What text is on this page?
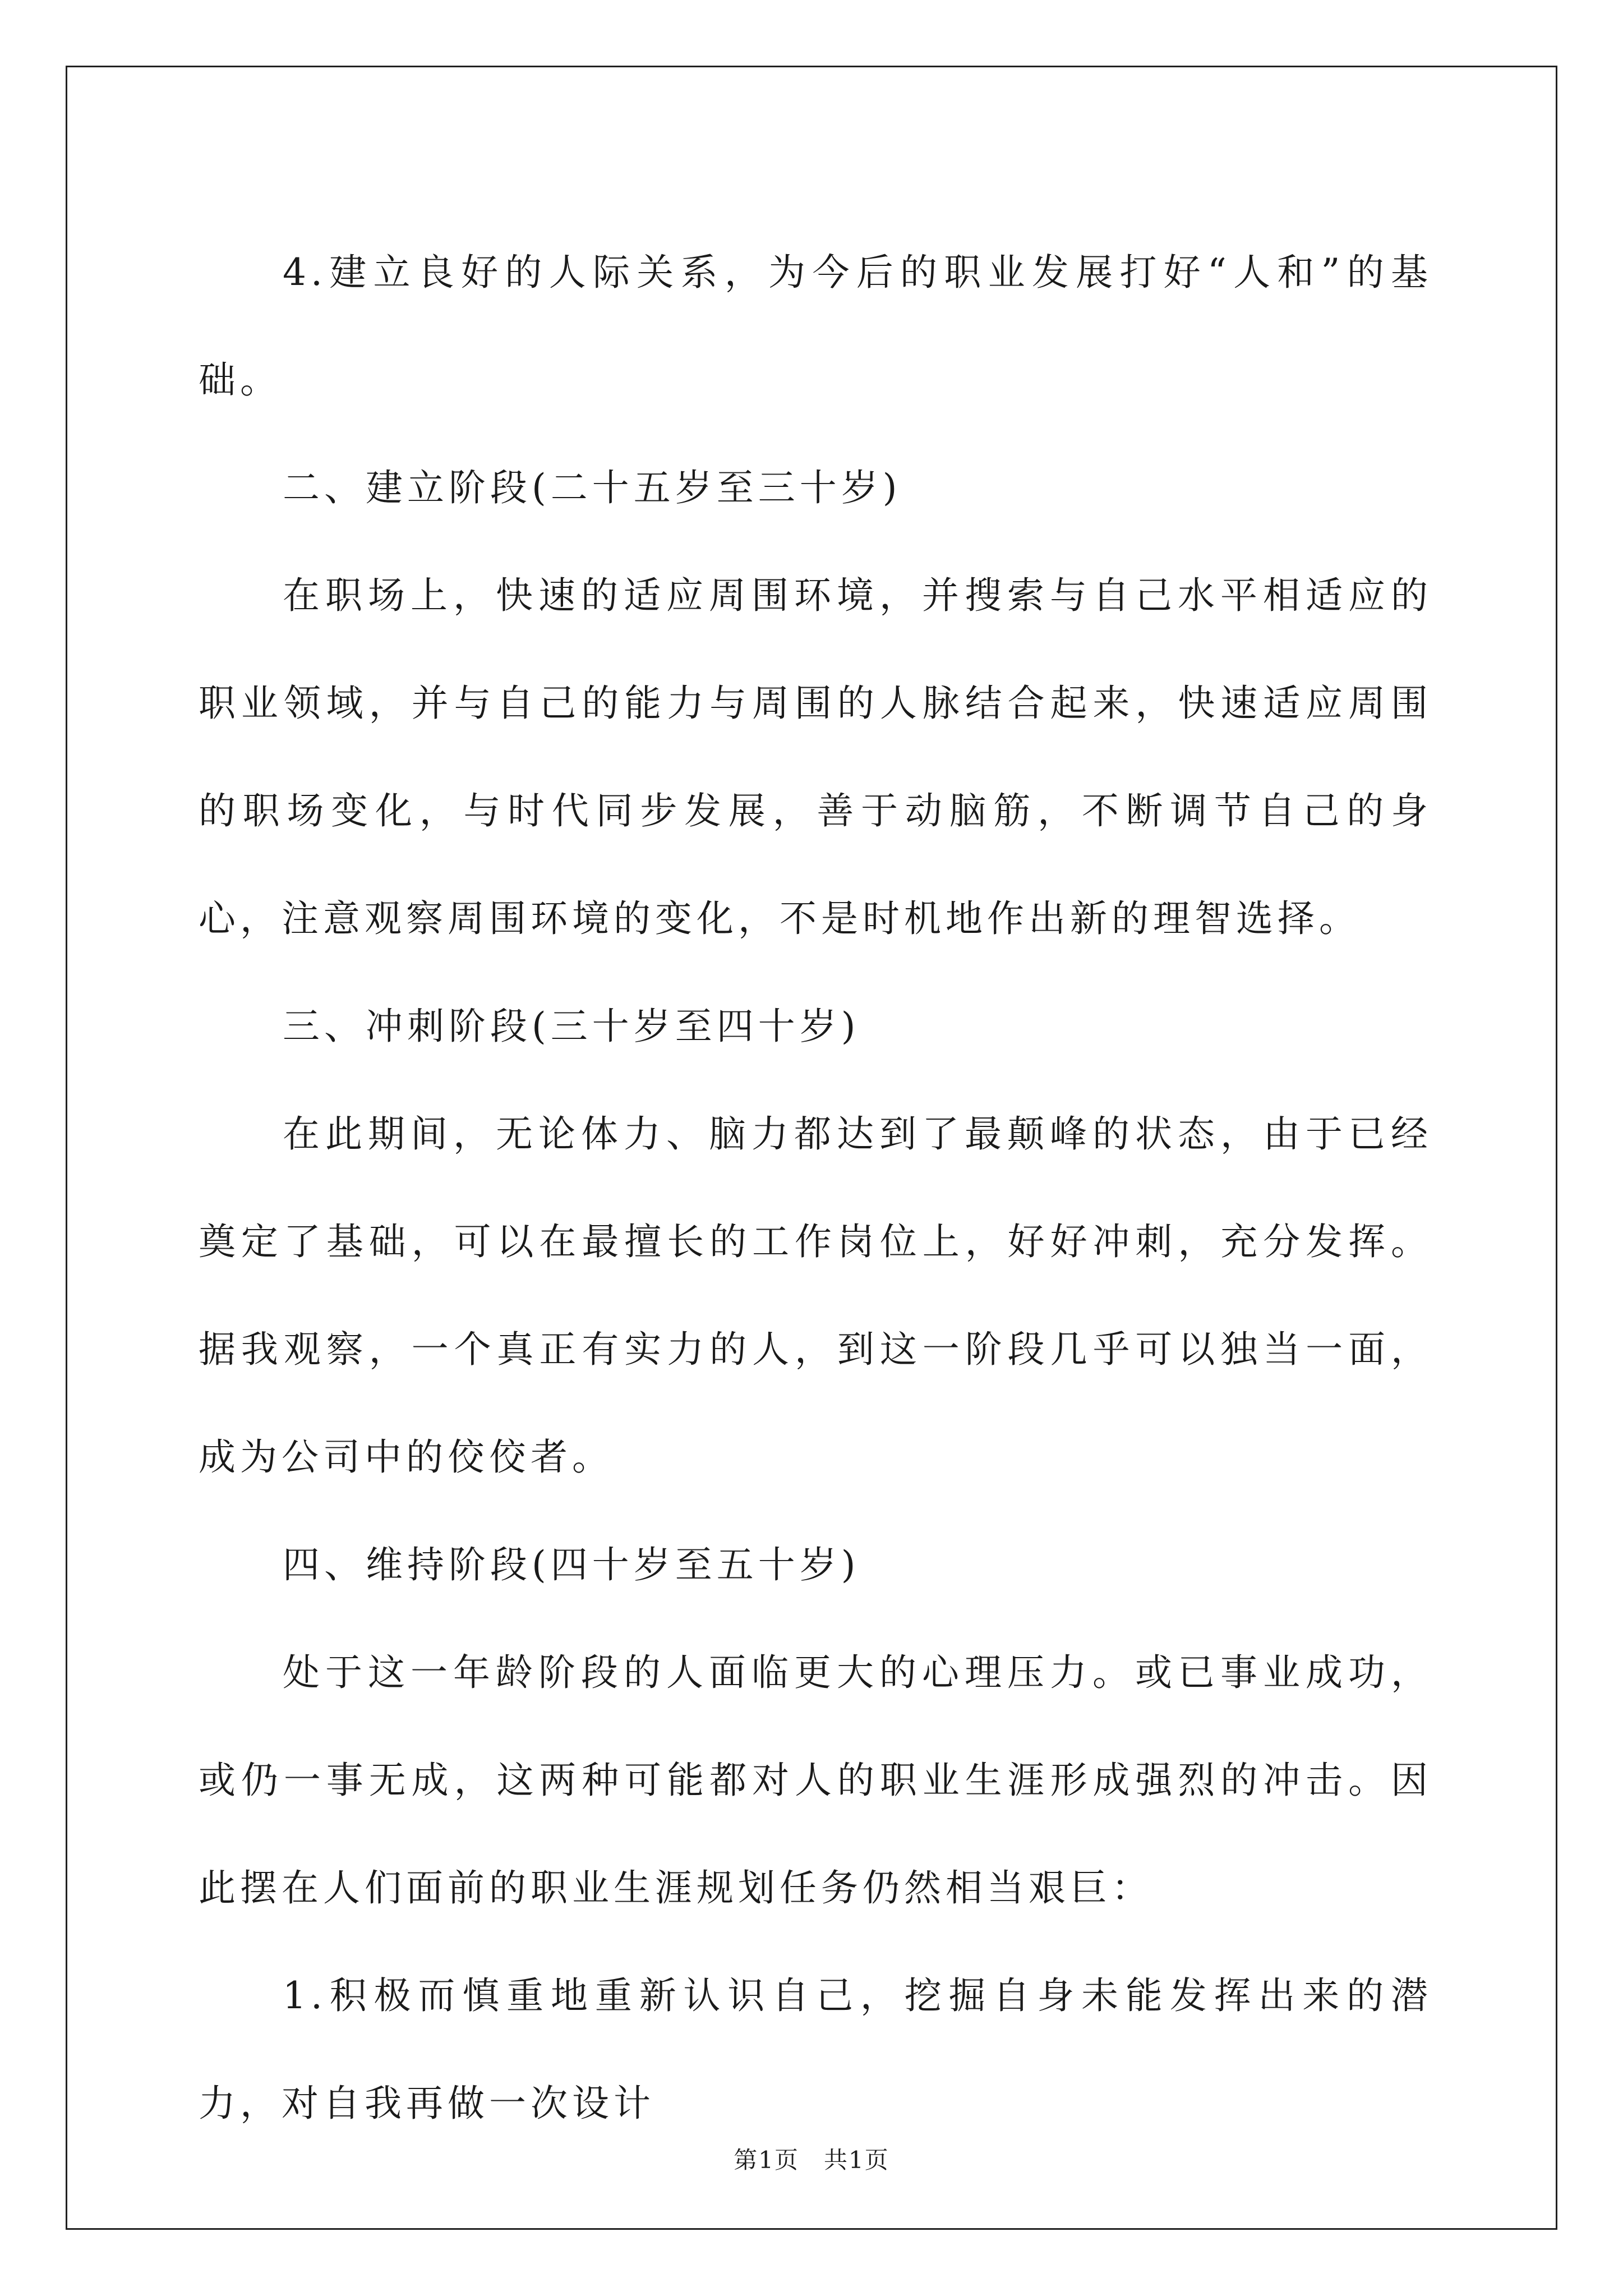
4.建立良好的人际关系，为今后的职业发展打好“人和”的基础。

二、建立阶段(二十五岁至三十岁)

在职场上，快速的适应周围环境，并搜索与自己水平相适应的职业领域，并与自己的能力与周围的人脉结合起来，快速适应周围的职场变化，与时代同步发展，善于动脑筋，不断调节自己的身心，注意观察周围环境的变化，不是时机地作出新的理智选择。

三、冲刺阶段(三十岁至四十岁)

在此期间，无论体力、脑力都达到了最颠峰的状态，由于已经奠定了基础，可以在最擅长的工作岗位上，好好冲刺，充分发挥。据我观察，一个真正有实力的人，到这一阶段几乎可以独当一面，成为公司中的佼佼者。

四、维持阶段(四十岁至五十岁)

处于这一年龄阶段的人面临更大的心理压力。或已事业成功，或仍一事无成，这两种可能都对人的职业生涯形成强烈的冲击。因此摆在人们面前的职业生涯规划任务仍然相当艰巨：

1.积极而慎重地重新认识自己，挖掘自身未能发挥出来的潜力，对自我再做一次设计

第1页　共1页
